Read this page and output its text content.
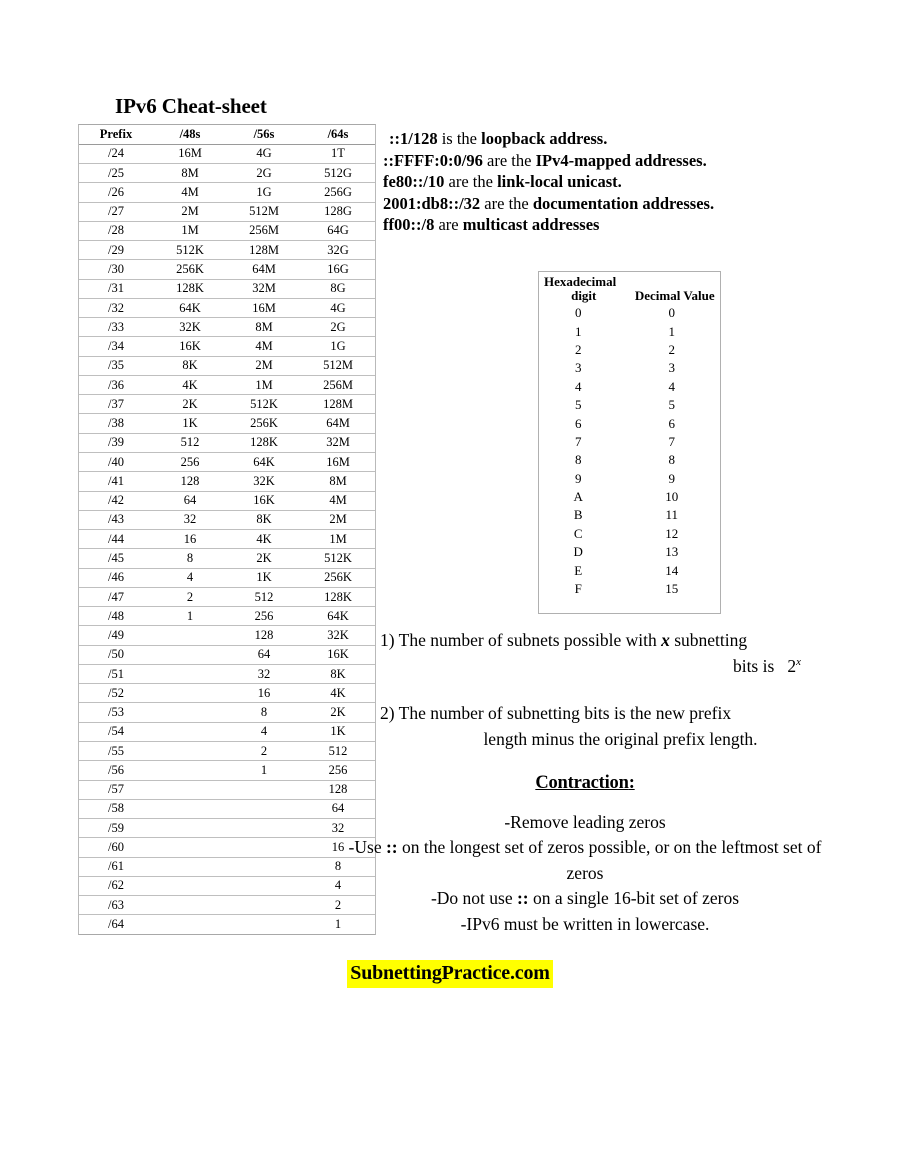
IPv6 Cheat-sheet
Prefix	/48s	/56s	/64s
/24	16M	4G	1T
/25	8M	2G	512G
/26	4M	1G	256G
/27	2M	512M	128G
/28	1M	256M	64G
/29	512K	128M	32G
/30	256K	64M	16G
/31	128K	32M	8G
/32	64K	16M	4G
/33	32K	8M	2G
/34	16K	4M	1G
/35	8K	2M	512M
/36	4K	1M	256M
/37	2K	512K	128M
/38	1K	256K	64M
/39	512	128K	32M
/40	256	64K	16M
/41	128	32K	8M
/42	64	16K	4M
/43	32	8K	2M
/44	16	4K	1M
/45	8	2K	512K
/46	4	1K	256K
/47	2	512	128K
/48	1	256	64K
/49		128	32K
/50		64	16K
/51		32	8K
/52		16	4K
/53		8	2K
/54		4	1K
/55		2	512
/56		1	256
/57			128
/58			64
/59			32
/60			16
/61			8
/62			4
/63			2
/64			1
::1/128 is the loopback address.
::FFFF:0:0/96 are the IPv4-mapped addresses.
fe80::/10 are the link-local unicast.
2001:db8::/32 are the documentation addresses.
ff00::/8 are multicast addresses
Hexadecimal
digit	Decimal Value
0	0
1	1
2	2
3	3
4	4
5	5
6	6
7	7
8	8
9	9
A	10
B	11
C	12
D	13
E	14
F	15
1) The number of subnets possible with x subnetting
bits is   2$^x$
2) The number of subnetting bits is the new prefix
length minus the original prefix length.
Contraction:
-Remove leading zeros
-Use :: on the longest set of zeros possible, or on the leftmost set of zeros
-Do not use :: on a single 16-bit set of zeros
-IPv6 must be written in lowercase.
SubnettingPractice.com
